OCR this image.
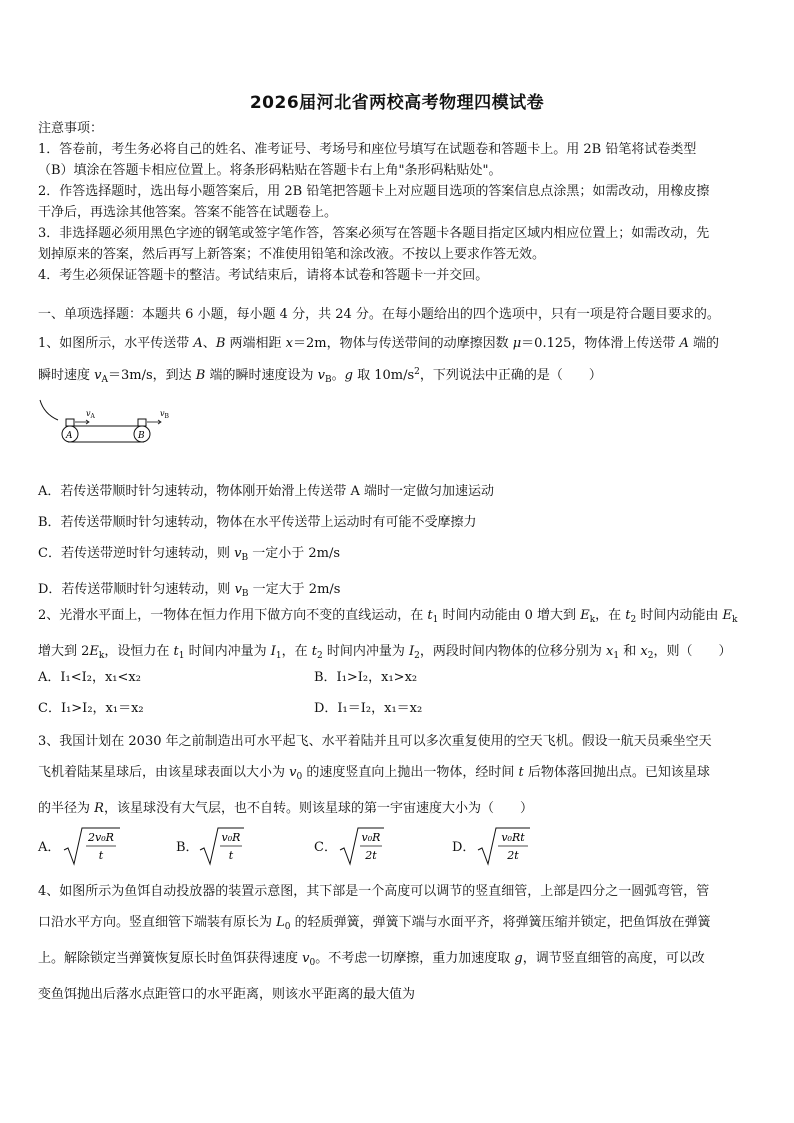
2026届河北省两校高考物理四模试卷
注意事项：
1．答卷前，考生务必将自己的姓名、准考证号、考场号和座位号填写在试题卷和答题卡上。用 2B 铅笔将试卷类型
（B）填涂在答题卡相应位置上。将条形码粘贴在答题卡右上角"条形码粘贴处"。
2．作答选择题时，选出每小题答案后，用 2B 铅笔把答题卡上对应题目选项的答案信息点涂黑；如需改动，用橡皮擦
干净后，再选涂其他答案。答案不能答在试题卷上。
3．非选择题必须用黑色字迹的钢笔或签字笔作答，答案必须写在答题卡各题目指定区域内相应位置上；如需改动，先
划掉原来的答案，然后再写上新答案；不准使用铅笔和涂改液。不按以上要求作答无效。
4．考生必须保证答题卡的整洁。考试结束后，请将本试卷和答题卡一并交回。
一、单项选择题：本题共 6 小题，每小题 4 分，共 24 分。在每小题给出的四个选项中，只有一项是符合题目要求的。
1、如图所示，水平传送带 A、B 两端相距 x＝2m，物体与传送带间的动摩擦因数 μ＝0.125，物体滑上传送带 A 端的
瞬时速度 $v_A=3m/s$，到达 B 端的瞬时速度设为 $v_B$。g 取 $10m/s^2$，下列说法中正确的是（　　）
A	B
$v_A$	$v_B$
A．若传送带顺时针匀速转动，物体刚开始滑上传送带 A 端时一定做匀加速运动
B．若传送带顺时针匀速转动，物体在水平传送带上运动时有可能不受摩擦力
C．若传送带逆时针匀速转动，则 $v_B$ 一定小于 2m/s
D．若传送带顺时针匀速转动，则 $v_B$ 一定大于 2m/s
2、光滑水平面上，一物体在恒力作用下做方向不变的直线运动，在 $t_1$ 时间内动能由 0 增大到 $E_k$，在 $t_2$ 时间内动能由 $E_k$
增大到 $2E_k$，设恒力在 $t_1$ 时间内冲量为 $I_1$，在 $t_2$ 时间内冲量为 $I_2$，两段时间内物体的位移分别为 $x_1$ 和 $x_2$，则（　　）
A．I₁<I₂，x₁<x₂	B．I₁>I₂，x₁>x₂
C．I₁>I₂，x₁＝x₂	D．I₁＝I₂，x₁＝x₂
3、我国计划在 2030 年之前制造出可水平起飞、水平着陆并且可以多次重复使用的空天飞机。假设一航天员乘坐空天
飞机着陆某星球后，由该星球表面以大小为 $v_0$ 的速度竖直向上抛出一物体，经时间 t 后物体落回抛出点。已知该星球
的半径为 R，该星球没有大气层，也不自转。则该星球的第一宇宙速度大小为（　　）
A．
2v₀R
t
B．
v₀R
t
C．
v₀R
2t
D．
v₀Rt
2t
4、如图所示为鱼饵自动投放器的装置示意图，其下部是一个高度可以调节的竖直细管，上部是四分之一圆弧弯管，管
口沿水平方向。竖直细管下端装有原长为 $L_0$ 的轻质弹簧，弹簧下端与水面平齐，将弹簧压缩并锁定，把鱼饵放在弹簧
上。解除锁定当弹簧恢复原长时鱼饵获得速度 $v_0$。不考虑一切摩擦，重力加速度取 g，调节竖直细管的高度，可以改
变鱼饵抛出后落水点距管口的水平距离，则该水平距离的最大值为
